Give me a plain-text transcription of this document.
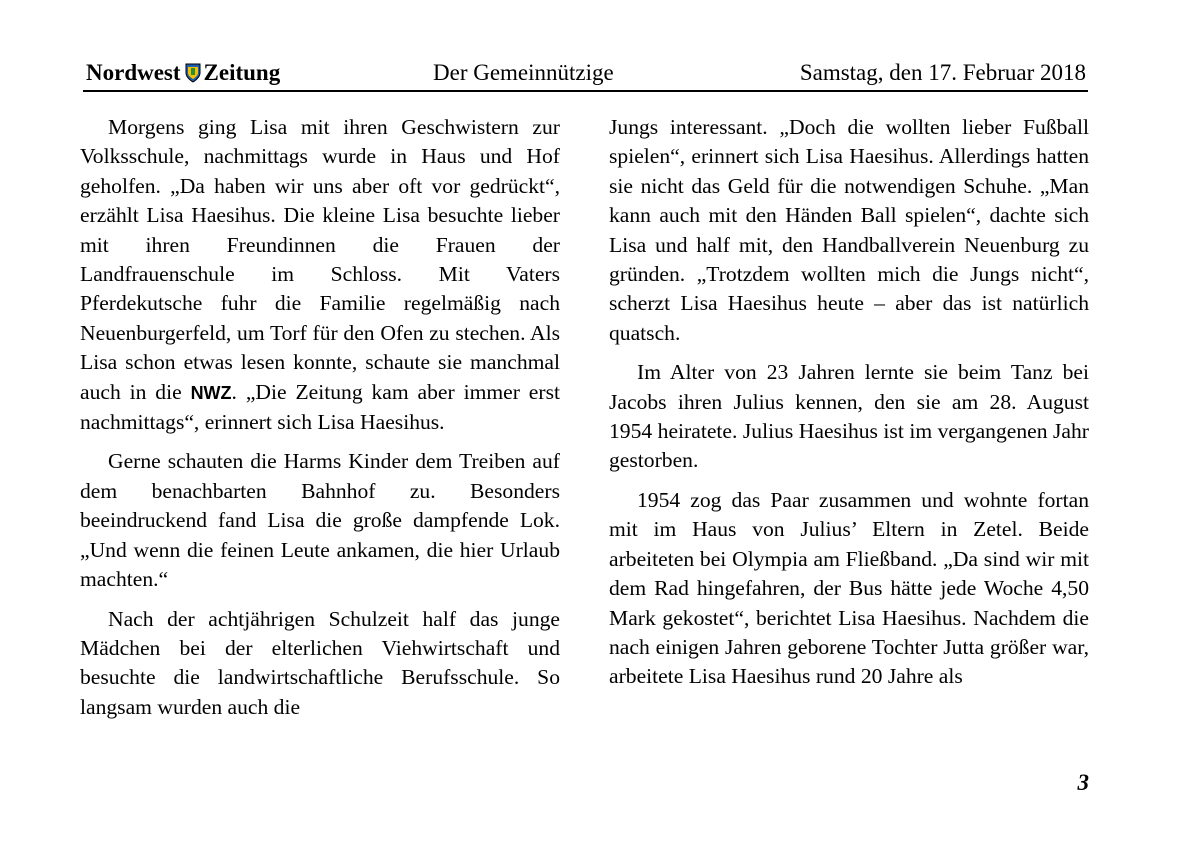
Nordwest Zeitung	Der Gemeinnützige	Samstag, den 17. Februar 2018

Morgens ging Lisa mit ihren Geschwistern zur Volksschule, nachmittags wurde in Haus und Hof geholfen. „Da haben wir uns aber oft vor gedrückt“, erzählt Lisa Haesihus. Die kleine Lisa besuchte lieber mit ihren Freundinnen die Frauen der Landfrauenschule im Schloss. Mit Vaters Pferdekutsche fuhr die Familie regelmäßig nach Neuenburgerfeld, um Torf für den Ofen zu stechen. Als Lisa schon etwas lesen konnte, schaute sie manchmal auch in die NWZ. „Die Zeitung kam aber immer erst nachmittags“, erinnert sich Lisa Haesihus.

Gerne schauten die Harms Kinder dem Treiben auf dem benachbarten Bahnhof zu. Besonders beeindruckend fand Lisa die große dampfende Lok. „Und wenn die feinen Leute ankamen, die hier Urlaub machten.“

Nach der achtjährigen Schulzeit half das junge Mädchen bei der elterlichen Viehwirtschaft und besuchte die landwirtschaftliche Berufsschule. So langsam wurden auch die

Jungs interessant. „Doch die wollten lieber Fußball spielen“, erinnert sich Lisa Haesihus. Allerdings hatten sie nicht das Geld für die notwendigen Schuhe. „Man kann auch mit den Händen Ball spielen“, dachte sich Lisa und half mit, den Handballverein Neuenburg zu gründen. „Trotzdem wollten mich die Jungs nicht“, scherzt Lisa Haesihus heute – aber das ist natürlich quatsch.

Im Alter von 23 Jahren lernte sie beim Tanz bei Jacobs ihren Julius kennen, den sie am 28. August 1954 heiratete. Julius Haesihus ist im vergangenen Jahr gestorben.

1954 zog das Paar zusammen und wohnte fortan mit im Haus von Julius’ Eltern in Zetel. Beide arbeiteten bei Olympia am Fließband. „Da sind wir mit dem Rad hingefahren, der Bus hätte jede Woche 4,50 Mark gekostet“, berichtet Lisa Haesihus. Nachdem die nach einigen Jahren geborene Tochter Jutta größer war, arbeitete Lisa Haesihus rund 20 Jahre als

3
